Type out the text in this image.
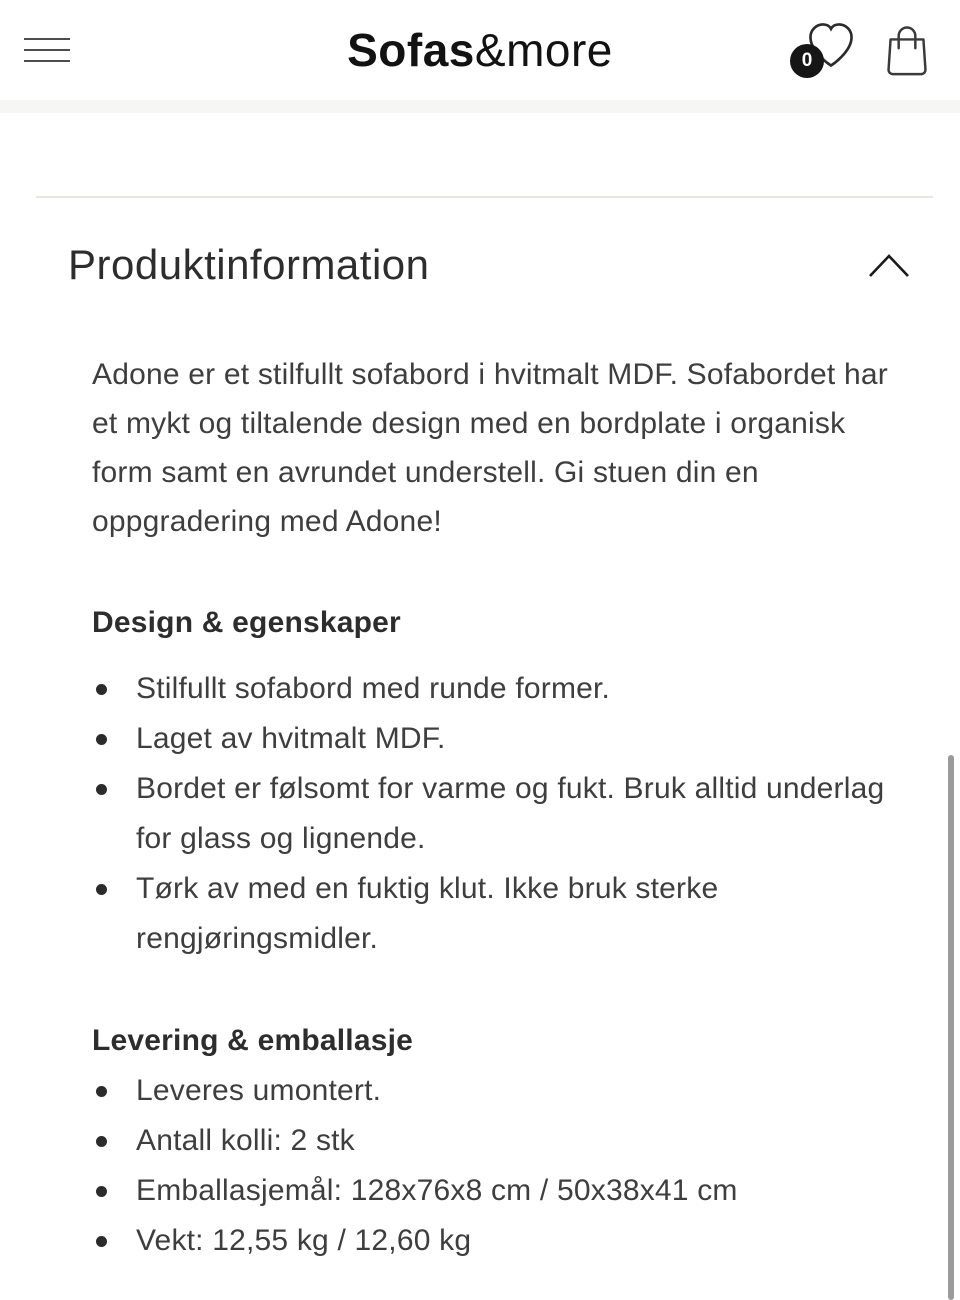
Sofas&more	0
Produktinformation

Adone er et stilfullt sofabord i hvitmalt MDF. Sofabordet har et mykt og tiltalende design med en bordplate i organisk form samt en avrundet understell. Gi stuen din en oppgradering med Adone!

Design & egenskaper
Stilfullt sofabord med runde former.
Laget av hvitmalt MDF.
Bordet er følsomt for varme og fukt. Bruk alltid underlag for glass og lignende.
Tørk av med en fuktig klut. Ikke bruk sterke rengjøringsmidler.
Levering & emballasje
Leveres umontert.
Antall kolli: 2 stk
Emballasjemål: 128x76x8 cm / 50x38x41 cm
Vekt: 12,55 kg / 12,60 kg
